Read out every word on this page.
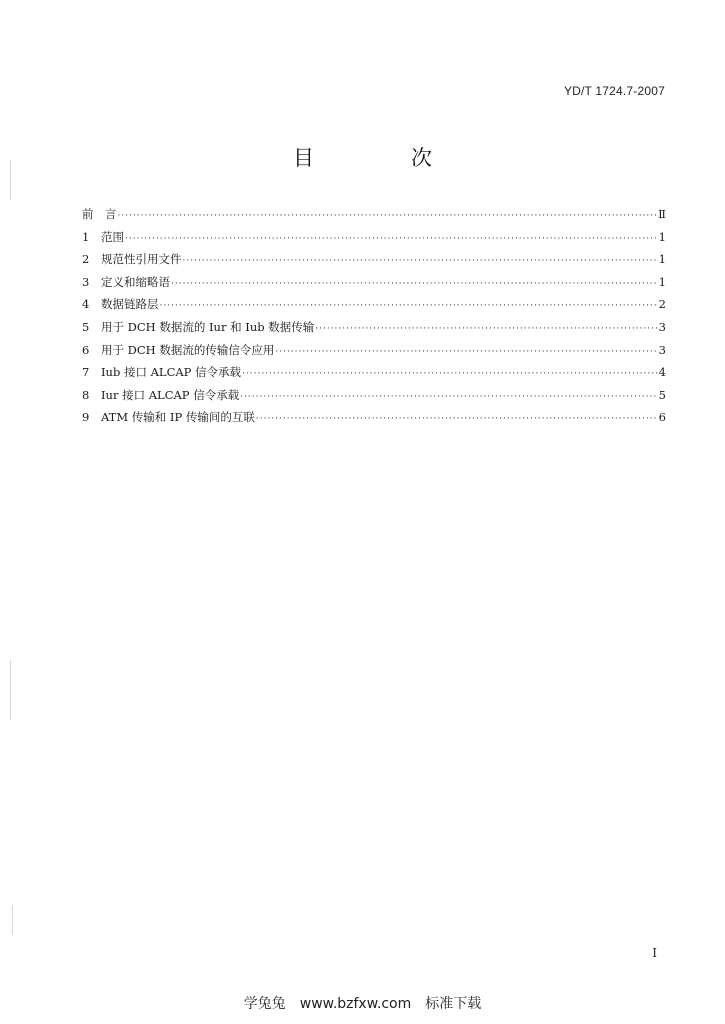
YD/T 1724.7-2007
目　次
前　言 ·····	Ⅱ
1	范围 ·····	1
2	规范性引用文件 ·····	1
3	定义和缩略语 ·····	1
4	数据链路层 ·····	2
5	用于 DCH 数据流的 Iur 和 Iub 数据传输 ·····	3
6	用于 DCH 数据流的传输信令应用 ·····	3
7	Iub 接口 ALCAP 信令承载 ·····	4
8	Iur 接口 ALCAP 信令承载 ·····	5
9	ATM 传输和 IP 传输间的互联 ·····	6
I
学兔兔　www.bzfxw.com　标准下载
